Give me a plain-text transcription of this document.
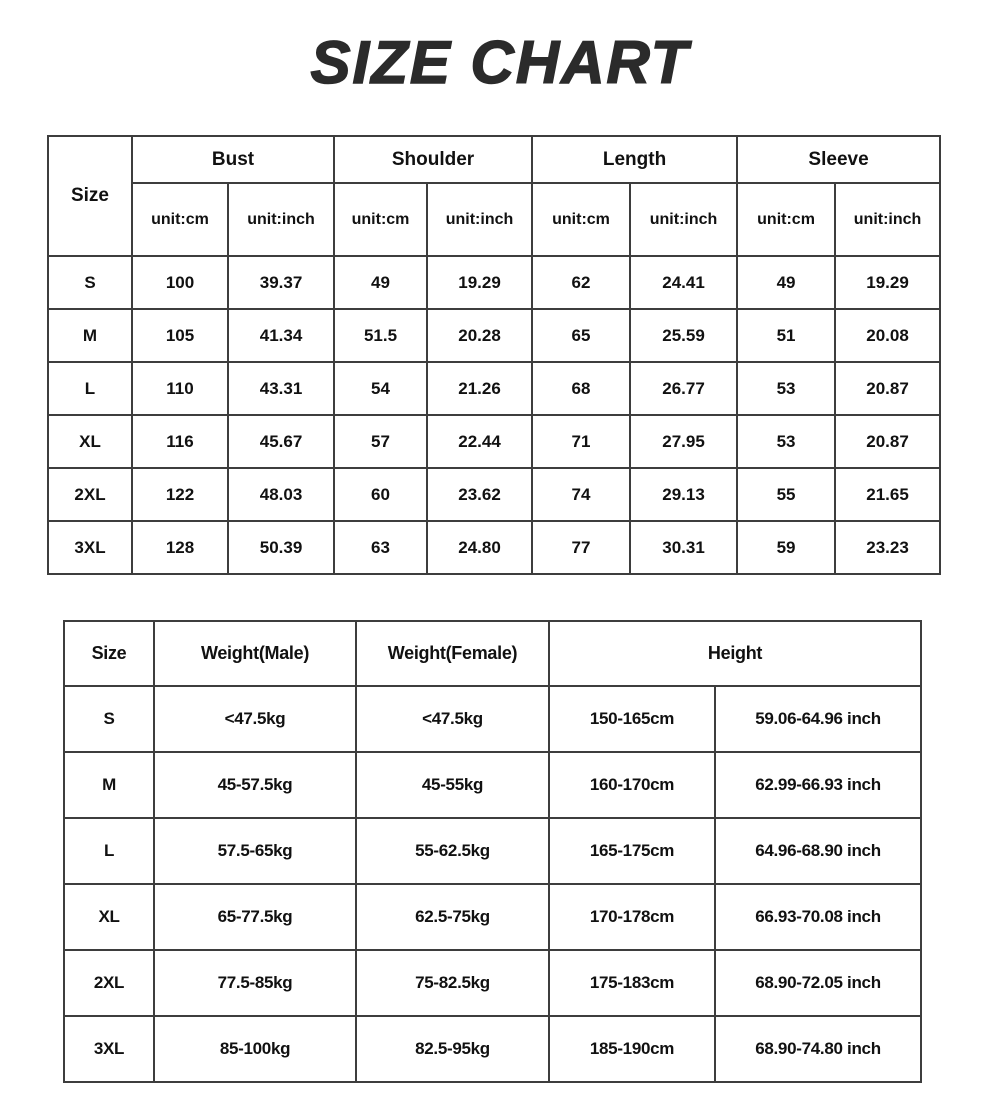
SIZE CHART
Size	Bust		Shoulder		Length		Sleeve	
	unit:cm	unit:inch	unit:cm	unit:inch	unit:cm	unit:inch	unit:cm	unit:inch
S	100	39.37	49	19.29	62	24.41	49	19.29
M	105	41.34	51.5	20.28	65	25.59	51	20.08
L	110	43.31	54	21.26	68	26.77	53	20.87
XL	116	45.67	57	22.44	71	27.95	53	20.87
2XL	122	48.03	60	23.62	74	29.13	55	21.65
3XL	128	50.39	63	24.80	77	30.31	59	23.23
Size	Weight(Male)	Weight(Female)	Height	
S	<47.5kg	<47.5kg	150-165cm	59.06-64.96 inch
M	45-57.5kg	45-55kg	160-170cm	62.99-66.93 inch
L	57.5-65kg	55-62.5kg	165-175cm	64.96-68.90 inch
XL	65-77.5kg	62.5-75kg	170-178cm	66.93-70.08 inch
2XL	77.5-85kg	75-82.5kg	175-183cm	68.90-72.05 inch
3XL	85-100kg	82.5-95kg	185-190cm	68.90-74.80 inch
